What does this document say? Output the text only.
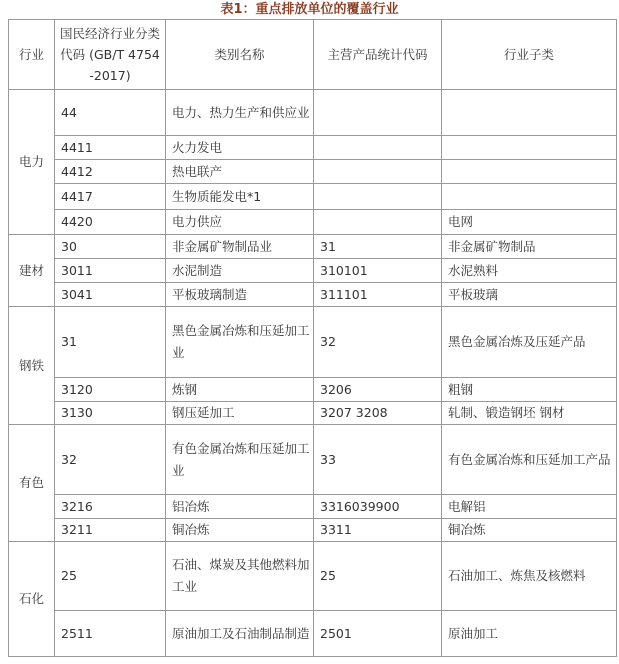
表1：重点排放单位的覆盖行业
行业	国民经济行业分类代码 (GB/T 4754-2017)	类别名称	主营产品统计代码	行业子类
电力	44	电力、热力生产和供应业		
	4411	火力发电		
	4412	热电联产		
	4417	生物质能发电*1		
	4420	电力供应		电网
建材	30	非金属矿物制品业	31	非金属矿物制品
	3011	水泥制造	310101	水泥熟料
	3041	平板玻璃制造	311101	平板玻璃
钢铁	31	黑色金属冶炼和压延加工业	32	黑色金属冶炼及压延产品
	3120	炼钢	3206	粗钢
	3130	钢压延加工	3207 3208	轧制、锻造钢坯 钢材
有色	32	有色金属冶炼和压延加工业	33	有色金属冶炼和压延加工产品
	3216	铝冶炼	3316039900	电解铝
	3211	铜冶炼	3311	铜冶炼
石化	25	石油、煤炭及其他燃料加工业	25	石油加工、炼焦及核燃料
	2511	原油加工及石油制品制造	2501	原油加工
